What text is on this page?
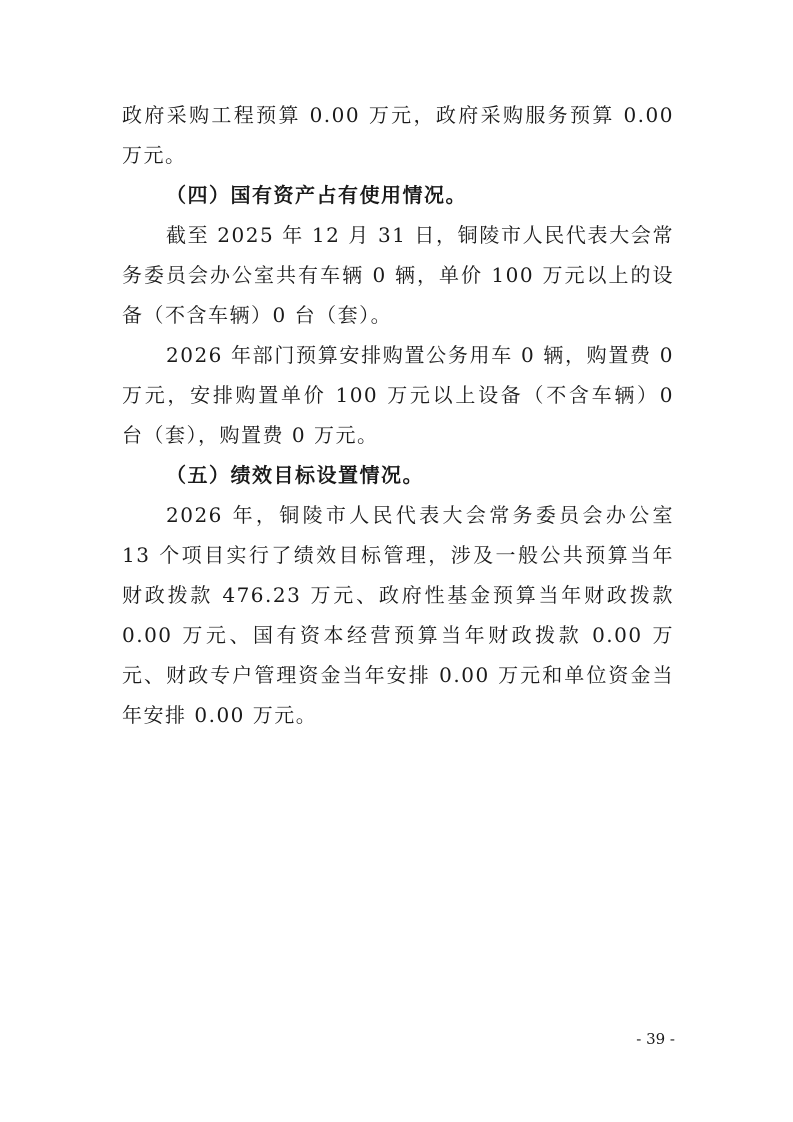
政府采购工程预算 0.00 万元，政府采购服务预算 0.00 万元。

（四）国有资产占有使用情况。

截至 2025 年 12 月 31 日，铜陵市人民代表大会常务委员会办公室共有车辆 0 辆，单价 100 万元以上的设备（不含车辆）0 台（套）。

2026 年部门预算安排购置公务用车 0 辆，购置费 0 万元，安排购置单价 100 万元以上设备（不含车辆）0 台（套），购置费 0 万元。

（五）绩效目标设置情况。

2026 年，铜陵市人民代表大会常务委员会办公室 13 个项目实行了绩效目标管理，涉及一般公共预算当年财政拨款 476.23 万元、政府性基金预算当年财政拨款 0.00 万元、国有资本经营预算当年财政拨款 0.00 万元、财政专户管理资金当年安排 0.00 万元和单位资金当年安排 0.00 万元。

- 39 -
